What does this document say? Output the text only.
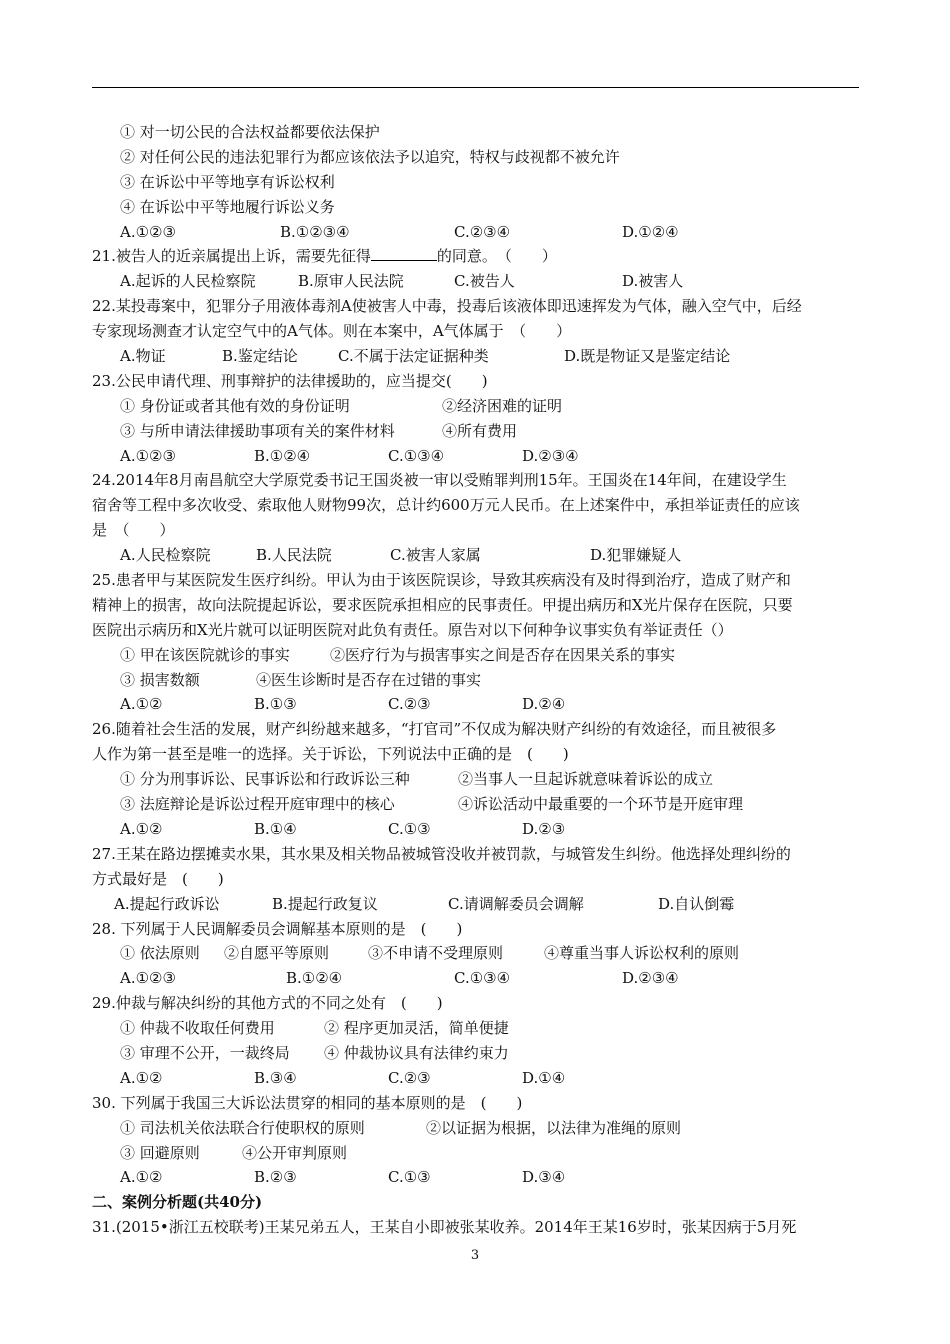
① 对一切公民的合法权益都要依法保护
② 对任何公民的违法犯罪行为都应该依法予以追究，特权与歧视都不被允许
③ 在诉讼中平等地享有诉讼权利
④ 在诉讼中平等地履行诉讼义务
A.①②③	B.①②③④	C.②③④	D.①②④
21.被告人的近亲属提出上诉，需要先征得	的同意。　（　　）
A.起诉的人民检察院	B.原审人民法院	C.被告人	D.被害人
22.某投毒案中，犯罪分子用液体毒剂A使被害人中毒，投毒后该液体即迅速挥发为气体，融入空气中，后经
专家现场测查才认定空气中的A气体。则在本案中，A气体属于　（　　）
A.物证	B.鉴定结论	C.不属于法定证据种类	D.既是物证又是鉴定结论
23.公民申请代理、刑事辩护的法律援助的，应当提交(　　)
① 身份证或者其他有效的身份证明	②经济困难的证明
③ 与所申请法律援助事项有关的案件材料	④所有费用
A.①②③	B.①②④	C.①③④	D.②③④
24.2014年8月南昌航空大学原党委书记王国炎被一审以受贿罪判刑15年。王国炎在14年间，在建设学生
宿舍等工程中多次收受、索取他人财物99次，总计约600万元人民币。在上述案件中，承担举证责任的应该
是　（　　）
A.人民检察院	B.人民法院	C.被害人家属	D.犯罪嫌疑人
25.患者甲与某医院发生医疗纠纷。甲认为由于该医院误诊，导致其疾病没有及时得到治疗，造成了财产和
精神上的损害，故向法院提起诉讼，要求医院承担相应的民事责任。甲提出病历和X光片保存在医院，只要
医院出示病历和X光片就可以证明医院对此负有责任。原告对以下何种争议事实负有举证责任（）
① 甲在该医院就诊的事实	②医疗行为与损害事实之间是否存在因果关系的事实
③ 损害数额	④医生诊断时是否存在过错的事实
A.①②	B.①③	C.②③	D.②④
26.随着社会生活的发展，财产纠纷越来越多，“打官司”不仅成为解决财产纠纷的有效途径，而且被很多
人作为第一甚至是唯一的选择。关于诉讼，下列说法中正确的是　(　　)
① 分为刑事诉讼、民事诉讼和行政诉讼三种	②当事人一旦起诉就意味着诉讼的成立
③ 法庭辩论是诉讼过程开庭审理中的核心	④诉讼活动中最重要的一个环节是开庭审理
A.①②	B.①④	C.①③	D.②③
27.王某在路边摆摊卖水果，其水果及相关物品被城管没收并被罚款，与城管发生纠纷。他选择处理纠纷的
方式最好是　(　　)
A.提起行政诉讼	B.提起行政复议	C.请调解委员会调解	D.自认倒霉
28. 下列属于人民调解委员会调解基本原则的是　(　　)
① 依法原则 ②自愿平等原则	③不申请不受理原则	④尊重当事人诉讼权利的原则
A.①②③	B.①②④	C.①③④	D.②③④
29.仲裁与解决纠纷的其他方式的不同之处有　(　　)
① 仲裁不收取任何费用	② 程序更加灵活，简单便捷
③ 审理不公开，一裁终局 ④ 仲裁协议具有法律约束力
A.①②	B.③④	C.②③	D.①④
30. 下列属于我国三大诉讼法贯穿的相同的基本原则的是　(　　)
① 司法机关依法联合行使职权的原则	②以证据为根据，以法律为准绳的原则
③ 回避原则	④公开审判原则
A.①②	B.②③	C.①③	D.③④
二、案例分析题(共40分)
31.(2015•浙江五校联考)王某兄弟五人，王某自小即被张某收养。2014年王某16岁时，张某因病于5月死
3
